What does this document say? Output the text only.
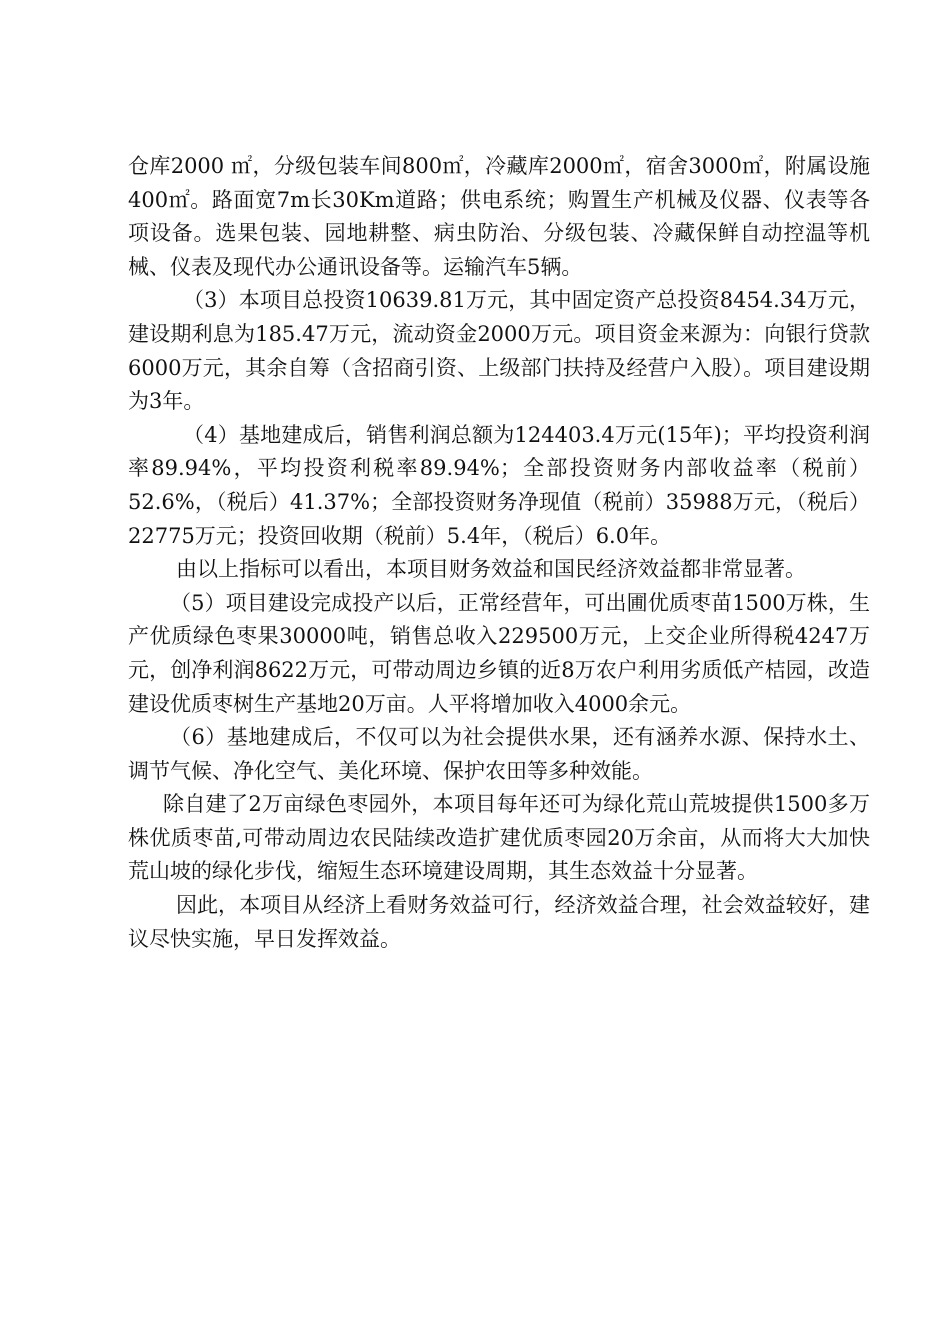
仓库2000 ㎡，分级包装车间800㎡，冷藏库2000㎡，宿舍3000㎡，附属设施400㎡。路面宽7m长30Km道路；供电系统；购置生产机械及仪器、仪表等各项设备。选果包装、园地耕整、病虫防治、分级包装、冷藏保鲜自动控温等机械、仪表及现代办公通讯设备等。运输汽车5辆。

（3）本项目总投资10639.81万元，其中固定资产总投资8454.34万元，建设期利息为185.47万元，流动资金2000万元。项目资金来源为：向银行贷款6000万元，其余自筹（含招商引资、上级部门扶持及经营户入股）。项目建设期为3年。

（4）基地建成后，销售利润总额为124403.4万元(15年)；平均投资利润率89.94%，平均投资利税率89.94%；全部投资财务内部收益率（税前）52.6%，（税后）41.37%；全部投资财务净现值（税前）35988万元，（税后）22775万元；投资回收期（税前）5.4年，（税后）6.0年。

由以上指标可以看出，本项目财务效益和国民经济效益都非常显著。

（5）项目建设完成投产以后，正常经营年，可出圃优质枣苗1500万株，生产优质绿色枣果30000吨，销售总收入229500万元，上交企业所得税4247万元，创净利润8622万元，可带动周边乡镇的近8万农户利用劣质低产桔园，改造建设优质枣树生产基地20万亩。人平将增加收入4000余元。

（6）基地建成后，不仅可以为社会提供水果，还有涵养水源、保持水土、调节气候、净化空气、美化环境、保护农田等多种效能。

除自建了2万亩绿色枣园外，本项目每年还可为绿化荒山荒坡提供1500多万株优质枣苗,可带动周边农民陆续改造扩建优质枣园20万余亩，从而将大大加快荒山坡的绿化步伐，缩短生态环境建设周期，其生态效益十分显著。

因此，本项目从经济上看财务效益可行，经济效益合理，社会效益较好，建议尽快实施，早日发挥效益。
